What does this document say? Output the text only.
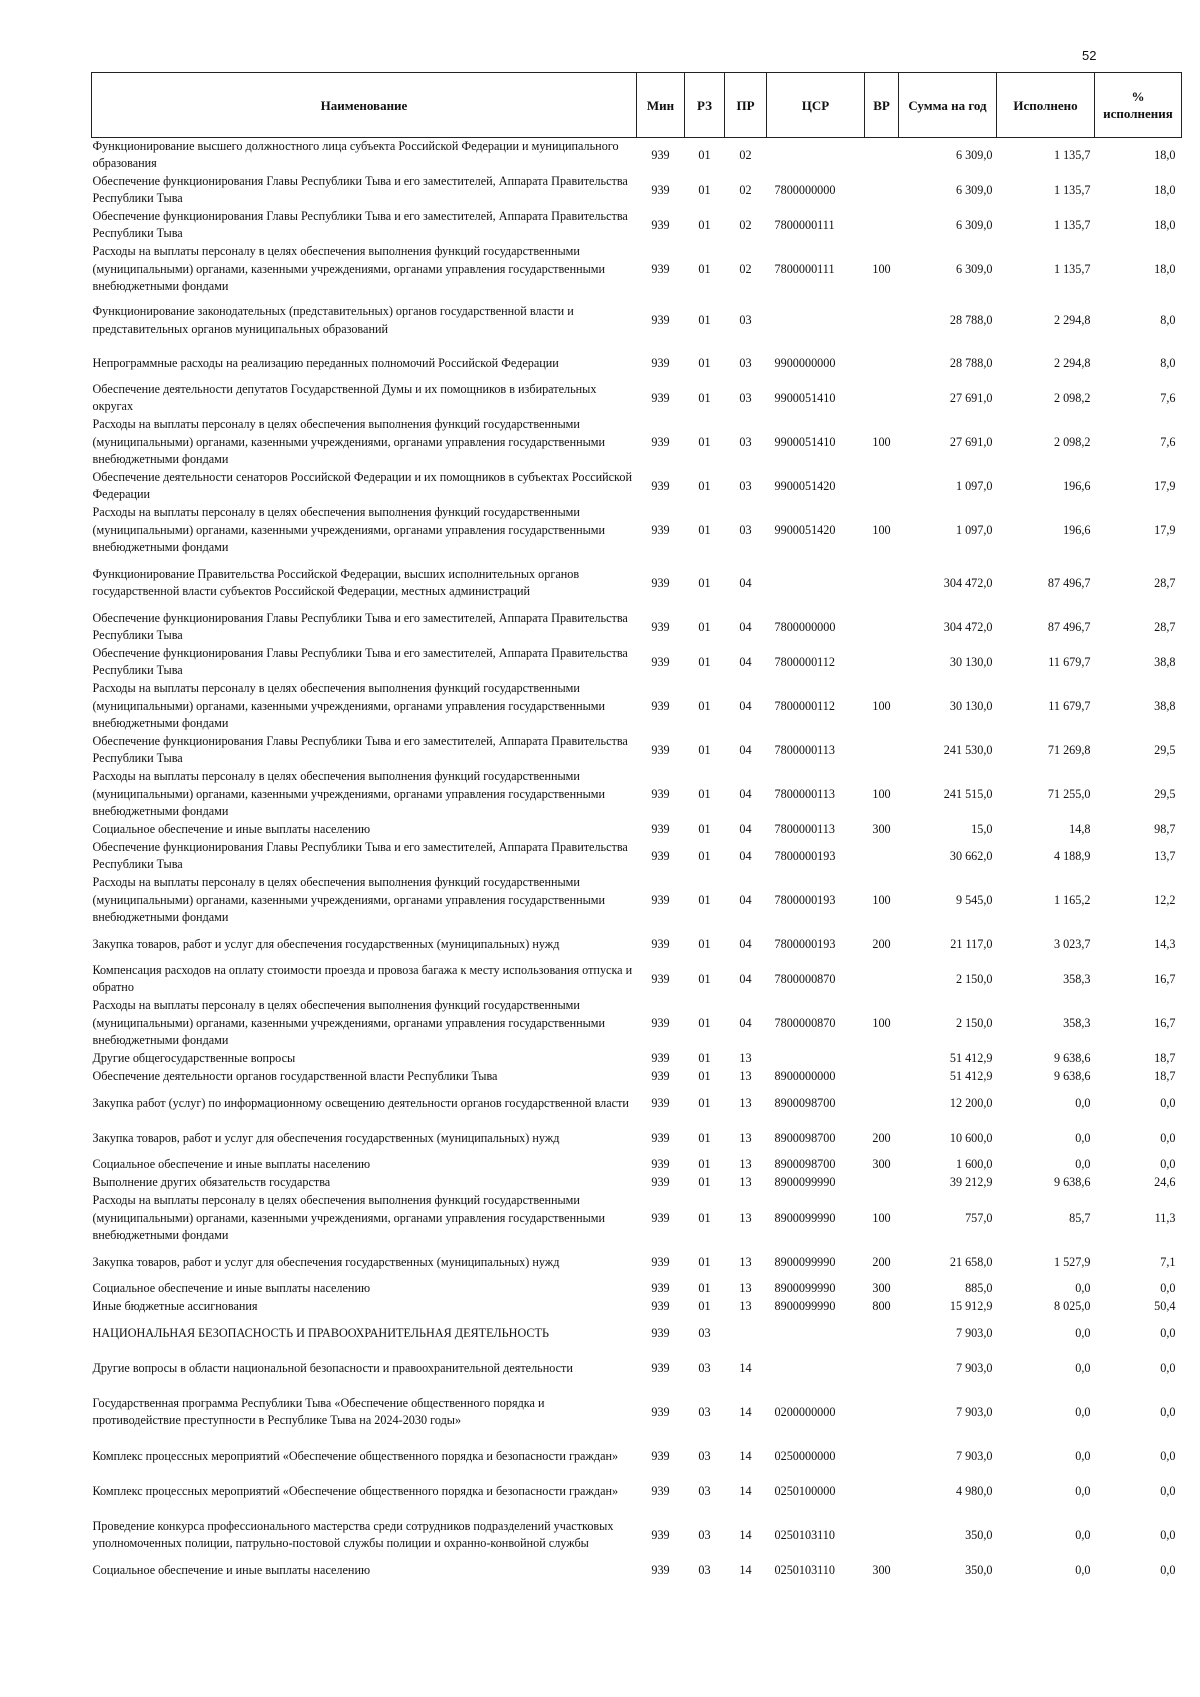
52
Наименование	Мин	РЗ	ПР	ЦСР	ВР	Сумма на год	Исполнено	% исполнения
Функционирование высшего должностного лица субъекта Российской Федерации и муниципального образования	939	01	02			6 309,0	1 135,7	18,0
Обеспечение функционирования Главы Республики Тыва и его заместителей, Аппарата Правительства Республики Тыва	939	01	02	7800000000		6 309,0	1 135,7	18,0
Обеспечение функционирования Главы Республики Тыва и его заместителей, Аппарата Правительства Республики Тыва	939	01	02	7800000111		6 309,0	1 135,7	18,0
Расходы на выплаты персоналу в целях обеспечения выполнения функций государственными (муниципальными) органами, казенными учреждениями, органами управления государственными внебюджетными фондами	939	01	02	7800000111	100	6 309,0	1 135,7	18,0
Функционирование законодательных (представительных) органов государственной власти и представительных органов муниципальных образований	939	01	03			28 788,0	2 294,8	8,0
Непрограммные расходы на реализацию переданных полномочий Российской Федерации	939	01	03	9900000000		28 788,0	2 294,8	8,0
Обеспечение деятельности депутатов Государственной Думы и их помощников в избирательных округах	939	01	03	9900051410		27 691,0	2 098,2	7,6
Расходы на выплаты персоналу в целях обеспечения выполнения функций государственными (муниципальными) органами, казенными учреждениями, органами управления государственными внебюджетными фондами	939	01	03	9900051410	100	27 691,0	2 098,2	7,6
Обеспечение деятельности сенаторов Российской Федерации и их помощников в субъектах Российской Федерации	939	01	03	9900051420		1 097,0	196,6	17,9
Расходы на выплаты персоналу в целях обеспечения выполнения функций государственными (муниципальными) органами, казенными учреждениями, органами управления государственными внебюджетными фондами	939	01	03	9900051420	100	1 097,0	196,6	17,9
Функционирование Правительства Российской Федерации, высших исполнительных органов государственной власти субъектов Российской Федерации, местных администраций	939	01	04			304 472,0	87 496,7	28,7
Обеспечение функционирования Главы Республики Тыва и его заместителей, Аппарата Правительства Республики Тыва	939	01	04	7800000000		304 472,0	87 496,7	28,7
Обеспечение функционирования Главы Республики Тыва и его заместителей, Аппарата Правительства Республики Тыва	939	01	04	7800000112		30 130,0	11 679,7	38,8
Расходы на выплаты персоналу в целях обеспечения выполнения функций государственными (муниципальными) органами, казенными учреждениями, органами управления государственными внебюджетными фондами	939	01	04	7800000112	100	30 130,0	11 679,7	38,8
Обеспечение функционирования Главы Республики Тыва и его заместителей, Аппарата Правительства Республики Тыва	939	01	04	7800000113		241 530,0	71 269,8	29,5
Расходы на выплаты персоналу в целях обеспечения выполнения функций государственными (муниципальными) органами, казенными учреждениями, органами управления государственными внебюджетными фондами	939	01	04	7800000113	100	241 515,0	71 255,0	29,5
Социальное обеспечение и иные выплаты населению	939	01	04	7800000113	300	15,0	14,8	98,7
Обеспечение функционирования Главы Республики Тыва и его заместителей, Аппарата Правительства Республики Тыва	939	01	04	7800000193		30 662,0	4 188,9	13,7
Расходы на выплаты персоналу в целях обеспечения выполнения функций государственными (муниципальными) органами, казенными учреждениями, органами управления государственными внебюджетными фондами	939	01	04	7800000193	100	9 545,0	1 165,2	12,2
Закупка товаров, работ и услуг для обеспечения государственных (муниципальных) нужд	939	01	04	7800000193	200	21 117,0	3 023,7	14,3
Компенсация расходов на оплату стоимости проезда и провоза багажа к месту использования отпуска и обратно	939	01	04	7800000870		2 150,0	358,3	16,7
Расходы на выплаты персоналу в целях обеспечения выполнения функций государственными (муниципальными) органами, казенными учреждениями, органами управления государственными внебюджетными фондами	939	01	04	7800000870	100	2 150,0	358,3	16,7
Другие общегосударственные вопросы	939	01	13			51 412,9	9 638,6	18,7
Обеспечение деятельности органов государственной власти Республики Тыва	939	01	13	8900000000		51 412,9	9 638,6	18,7
Закупка работ (услуг) по информационному освещению деятельности органов государственной власти	939	01	13	8900098700		12 200,0	0,0	0,0
Закупка товаров, работ и услуг для обеспечения государственных (муниципальных) нужд	939	01	13	8900098700	200	10 600,0	0,0	0,0
Социальное обеспечение и иные выплаты населению	939	01	13	8900098700	300	1 600,0	0,0	0,0
Выполнение других обязательств государства	939	01	13	8900099990		39 212,9	9 638,6	24,6
Расходы на выплаты персоналу в целях обеспечения выполнения функций государственными (муниципальными) органами, казенными учреждениями, органами управления государственными внебюджетными фондами	939	01	13	8900099990	100	757,0	85,7	11,3
Закупка товаров, работ и услуг для обеспечения государственных (муниципальных) нужд	939	01	13	8900099990	200	21 658,0	1 527,9	7,1
Социальное обеспечение и иные выплаты населению	939	01	13	8900099990	300	885,0	0,0	0,0
Иные бюджетные ассигнования	939	01	13	8900099990	800	15 912,9	8 025,0	50,4
НАЦИОНАЛЬНАЯ БЕЗОПАСНОСТЬ И ПРАВООХРАНИТЕЛЬНАЯ ДЕЯТЕЛЬНОСТЬ	939	03				7 903,0	0,0	0,0
Другие вопросы в области национальной безопасности и правоохранительной деятельности	939	03	14			7 903,0	0,0	0,0
Государственная программа Республики Тыва «Обеспечение общественного порядка и противодействие преступности в Республике Тыва на 2024-2030 годы»	939	03	14	0200000000		7 903,0	0,0	0,0
Комплекс процессных мероприятий «Обеспечение общественного порядка и безопасности граждан»	939	03	14	0250000000		7 903,0	0,0	0,0
Комплекс процессных мероприятий «Обеспечение общественного порядка и безопасности граждан»	939	03	14	0250100000		4 980,0	0,0	0,0
Проведение конкурса профессионального мастерства среди сотрудников подразделений участковых уполномоченных полиции, патрульно-постовой службы полиции и охранно-конвойной службы	939	03	14	0250103110		350,0	0,0	0,0
Социальное обеспечение и иные выплаты населению	939	03	14	0250103110	300	350,0	0,0	0,0
